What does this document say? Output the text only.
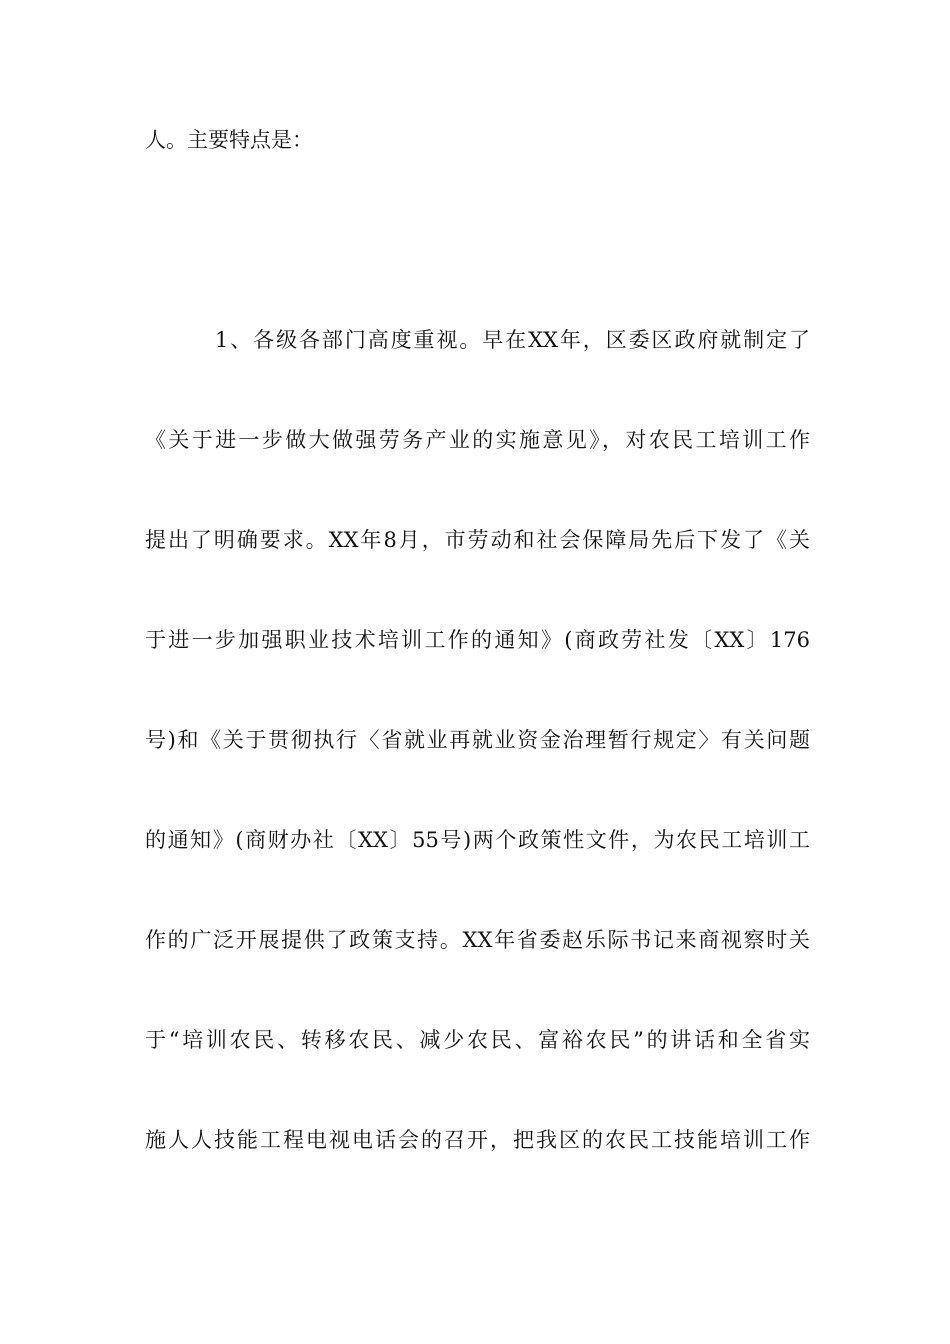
人。主要特点是：
1、各级各部门高度重视。早在XX年，区委区政府就制定了
《关于进一步做大做强劳务产业的实施意见》，对农民工培训工作
提出了明确要求。XX年8月，市劳动和社会保障局先后下发了《关
于进一步加强职业技术培训工作的通知》(商政劳社发〔XX〕176
号)和《关于贯彻执行〈省就业再就业资金治理暂行规定〉有关问题
的通知》(商财办社〔XX〕55号)两个政策性文件，为农民工培训工
作的广泛开展提供了政策支持。XX年省委赵乐际书记来商视察时关
于“培训农民、转移农民、减少农民、富裕农民”的讲话和全省实
施人人技能工程电视电话会的召开，把我区的农民工技能培训工作
